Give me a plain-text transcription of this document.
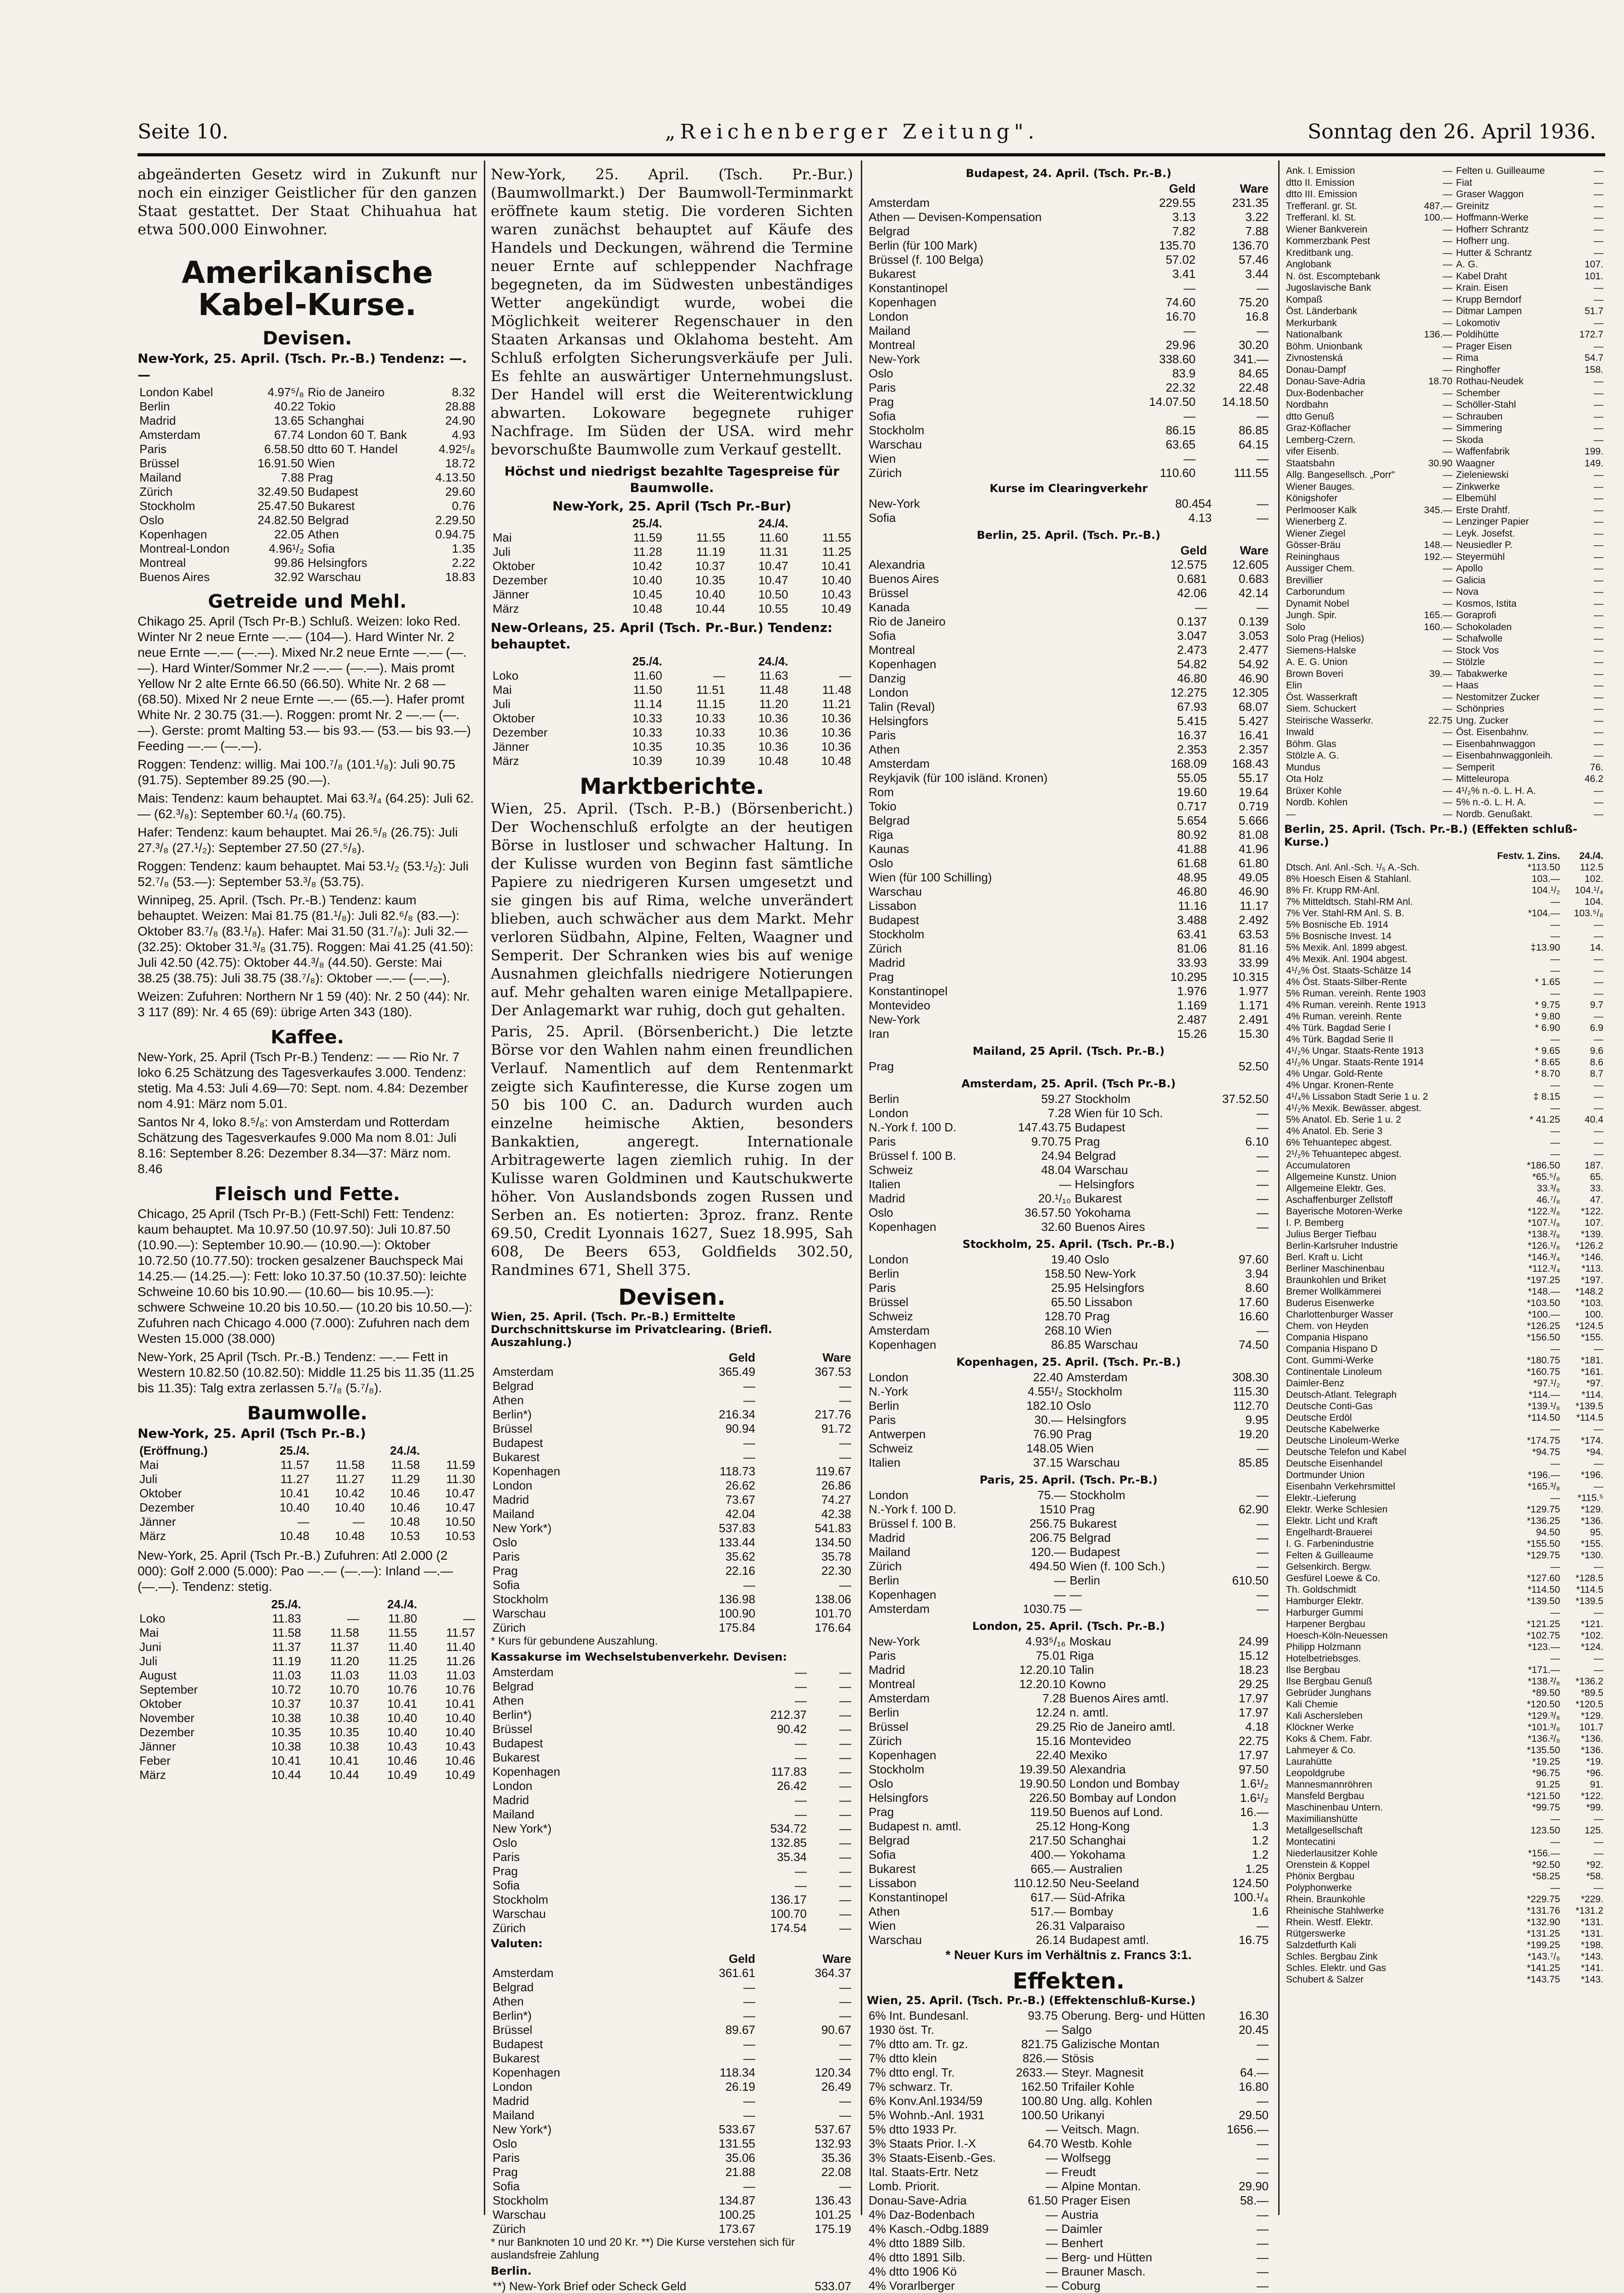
Seite 10.	„Reichenberger Zeitung".	Sonntag den 26. April 1936.
abgeänderten Gesetz wird in Zukunft nur noch ein einziger Geistlicher für den ganzen Staat gestattet. Der Staat Chihuahua hat etwa 500.000 Einwohner.
Amerikanische Kabel-Kurse.
Devisen.
New-York, 25. April. (Tsch. Pr.-B.) Tendenz: —.—
London Kabel	4.97⁵/₈	Rio de Janeiro	8.32
Berlin	40.22	Tokio	28.88
Madrid	13.65	Schanghai	24.90
Amsterdam	67.74	London 60 T. Bank	4.93
Paris	6.58.50	dtto 60 T. Handel	4.92⁵/₈
Brüssel	16.91.50	Wien	18.72
Mailand	7.88	Prag	4.13.50
Zürich	32.49.50	Budapest	29.60
Stockholm	25.47.50	Bukarest	0.76
Oslo	24.82.50	Belgrad	2.29.50
Kopenhagen	22.05	Athen	0.94.75
Montreal-London	4.96¹/₂	Sofia	1.35
Montreal	99.86	Helsingfors	2.22
Buenos Aires	32.92	Warschau	18.83
Getreide und Mehl.
Chikago 25. April (Tsch Pr-B.) Schluß. Weizen: loko Red. Winter Nr 2 neue Ernte —.— (104—). Hard Winter Nr. 2 neue Ernte —.— (—.—). Mixed Nr.2 neue Ernte —.— (—.—). Hard Winter/Sommer Nr.2 —.— (—.—). Mais promt Yellow Nr 2 alte Ernte 66.50 (66.50). White Nr. 2 68 — (68.50). Mixed Nr 2 neue Ernte —.— (65.—). Hafer promt White Nr. 2 30.75 (31.—). Roggen: promt Nr. 2 —.— (—.—). Gerste: promt Malting 53.— bis 93.— (53.— bis 93.—) Feeding —.— (—.—).
Roggen: Tendenz: willig. Mai 100.⁷/₈ (101.¹/₈): Juli 90.75 (91.75). September 89.25 (90.—).
Mais: Tendenz: kaum behauptet. Mai 63.³/₄ (64.25): Juli 62.— (62.³/₈): September 60.¹/₄ (60.75).
Hafer: Tendenz: kaum behauptet. Mai 26.⁵/₈ (26.75): Juli 27.³/₈ (27.¹/₂): September 27.50 (27.⁵/₈).
Roggen: Tendenz: kaum behauptet. Mai 53.¹/₂ (53.¹/₂): Juli 52.⁷/₈ (53.—): September 53.³/₈ (53.75).
Winnipeg, 25. April. (Tsch. Pr.-B.) Tendenz: kaum behauptet. Weizen: Mai 81.75 (81.¹/₈): Juli 82.⁶/₈ (83.—): Oktober 83.⁷/₈ (83.¹/₈). Hafer: Mai 31.50 (31.⁷/₈): Juli 32.— (32.25): Oktober 31.³/₈ (31.75). Roggen: Mai 41.25 (41.50): Juli 42.50 (42.75): Oktober 44.³/₈ (44.50). Gerste: Mai 38.25 (38.75): Juli 38.75 (38.⁷/₈): Oktober —.— (—.—).
Weizen: Zufuhren: Northern Nr 1 59 (40): Nr. 2 50 (44): Nr. 3 117 (89): Nr. 4 65 (69): übrige Arten 343 (180).
Kaffee.
New-York, 25. April (Tsch Pr-B.) Tendenz: — — Rio Nr. 7 loko 6.25 Schätzung des Tagesverkaufes 3.000. Tendenz: stetig. Ma 4.53: Juli 4.69—70: Sept. nom. 4.84: Dezember nom 4.91: März nom 5.01.
Santos Nr 4, loko 8.⁵/₈: von Amsterdam und Rotterdam Schätzung des Tagesverkaufes 9.000 Ma nom 8.01: Juli 8.16: September 8.26: Dezember 8.34—37: März nom. 8.46
Fleisch und Fette.
Chicago, 25 April (Tsch Pr-B.) (Fett-Schl) Fett: Tendenz: kaum behauptet. Ma 10.97.50 (10.97.50): Juli 10.87.50 (10.90.—): September 10.90.— (10.90.—): Oktober 10.72.50 (10.77.50): trocken gesalzener Bauchspeck Mai 14.25.— (14.25.—): Fett: loko 10.37.50 (10.37.50): leichte Schweine 10.60 bis 10.90.— (10.60— bis 10.95.—): schwere Schweine 10.20 bis 10.50.— (10.20 bis 10.50.—): Zufuhren nach Chicago 4.000 (7.000): Zufuhren nach dem Westen 15.000 (38.000)
New-York, 25 April (Tsch. Pr.-B.) Tendenz: —.— Fett in Western 10.82.50 (10.82.50): Middle 11.25 bis 11.35 (11.25 bis 11.35): Talg extra zerlassen 5.⁷/₈ (5.⁷/₈).
Baumwolle.
New-York, 25. April (Tsch Pr.-B.)
(Eröffnung.)	25./4.		24./4.	
Mai	11.57	11.58	11.58	11.59
Juli	11.27	11.27	11.29	11.30
Oktober	10.41	10.42	10.46	10.47
Dezember	10.40	10.40	10.46	10.47
Jänner	—	—	10.48	10.50
März	10.48	10.48	10.53	10.53
New-York, 25. April (Tsch Pr.-B.) Zufuhren: Atl 2.000 (2 000): Golf 2.000 (5.000): Pao —.— (—.—): Inland —.— (—.—). Tendenz: stetig.
	25./4.		24./4.	
Loko	11.83	—	11.80	—
Mai	11.58	11.58	11.55	11.57
Juni	11.37	11.37	11.40	11.40
Juli	11.19	11.20	11.25	11.26
August	11.03	11.03	11.03	11.03
September	10.72	10.70	10.76	10.76
Oktober	10.37	10.37	10.41	10.41
November	10.38	10.38	10.40	10.40
Dezember	10.35	10.35	10.40	10.40
Jänner	10.38	10.38	10.43	10.43
Feber	10.41	10.41	10.46	10.46
März	10.44	10.44	10.49	10.49
New-York, 25. April. (Tsch. Pr.-Bur.) (Baumwollmarkt.) Der Baumwoll-Terminmarkt eröffnete kaum stetig. Die vorderen Sichten waren zunächst behauptet auf Käufe des Handels und Deckungen, während die Termine neuer Ernte auf schleppender Nachfrage begegneten, da im Südwesten unbeständiges Wetter angekündigt wurde, wobei die Möglichkeit weiterer Regenschauer in den Staaten Arkansas und Oklahoma besteht. Am Schluß erfolgten Sicherungsverkäufe per Juli. Es fehlte an auswärtiger Unternehmungslust. Der Handel will erst die Weiterentwicklung abwarten. Lokoware begegnete ruhiger Nachfrage. Im Süden der USA. wird mehr bevorschußte Baumwolle zum Verkauf gestellt.
Höchst und niedrigst bezahlte Tagespreise für Baumwolle.
New-York, 25. April (Tsch Pr.-Bur)
	25./4.		24./4.	
Mai	11.59	11.55	11.60	11.55
Juli	11.28	11.19	11.31	11.25
Oktober	10.42	10.37	10.47	10.41
Dezember	10.40	10.35	10.47	10.40
Jänner	10.45	10.40	10.50	10.43
März	10.48	10.44	10.55	10.49
New-Orleans, 25. April (Tsch. Pr.-Bur.) Tendenz: behauptet.
	25./4.		24./4.	
Loko	11.60	—	11.63	—
Mai	11.50	11.51	11.48	11.48
Juli	11.14	11.15	11.20	11.21
Oktober	10.33	10.33	10.36	10.36
Dezember	10.33	10.33	10.36	10.36
Jänner	10.35	10.35	10.36	10.36
März	10.39	10.39	10.48	10.48
Marktberichte.
Wien, 25. April. (Tsch. P.-B.) (Börsenbericht.) Der Wochenschluß erfolgte an der heutigen Börse in lustloser und schwacher Haltung. In der Kulisse wurden von Beginn fast sämtliche Papiere zu niedrigeren Kursen umgesetzt und sie gingen bis auf Rima, welche unverändert blieben, auch schwächer aus dem Markt. Mehr verloren Südbahn, Alpine, Felten, Waagner und Semperit. Der Schranken wies bis auf wenige Ausnahmen gleichfalls niedrigere Notierungen auf. Mehr gehalten waren einige Metallpapiere. Der Anlagemarkt war ruhig, doch gut gehalten.
Paris, 25. April. (Börsenbericht.) Die letzte Börse vor den Wahlen nahm einen freundlichen Verlauf. Namentlich auf dem Rentenmarkt zeigte sich Kaufinteresse, die Kurse zogen um 50 bis 100 C. an. Dadurch wurden auch einzelne heimische Aktien, besonders Bankaktien, angeregt. Internationale Arbitragewerte lagen ziemlich ruhig. In der Kulisse waren Goldminen und Kautschukwerte höher. Von Auslandsbonds zogen Russen und Serben an. Es notierten: 3proz. franz. Rente 69.50, Credit Lyonnais 1627, Suez 18.995, Sah 608, De Beers 653, Goldfields 302.50, Randmines 671, Shell 375.
Devisen.
Wien, 25. April. (Tsch. Pr.-B.) Ermittelte Durchschnittskurse im Privatclearing. (Briefl. Auszahlung.)
	Geld	Ware
Amsterdam	365.49	367.53
Belgrad	—	—
Athen	—	—
Berlin*)	216.34	217.76
Brüssel	90.94	91.72
Budapest	—	—
Bukarest	—	—
Kopenhagen	118.73	119.67
London	26.62	26.86
Madrid	73.67	74.27
Mailand	42.04	42.38
New York*)	537.83	541.83
Oslo	133.44	134.50
Paris	35.62	35.78
Prag	22.16	22.30
Sofia	—	—
Stockholm	136.98	138.06
Warschau	100.90	101.70
Zürich	175.84	176.64
* Kurs für gebundene Auszahlung.
Kassakurse im Wechselstubenverkehr. Devisen:
Amsterdam	—	—
Belgrad	—	—
Athen	—	—
Berlin*)	212.37	—
Brüssel	90.42	—
Budapest	—	—
Bukarest	—	—
Kopenhagen	117.83	—
London	26.42	—
Madrid	—	—
Mailand	—	—
New York*)	534.72	—
Oslo	132.85	—
Paris	35.34	—
Prag	—	—
Sofia	—	—
Stockholm	136.17	—
Warschau	100.70	—
Zürich	174.54	—
Valuten:
	Geld	Ware
Amsterdam	361.61	364.37
Belgrad	—	—
Athen	—	—
Berlin*)	—	—
Brüssel	89.67	90.67
Budapest	—	—
Bukarest	—	—
Kopenhagen	118.34	120.34
London	26.19	26.49
Madrid	—	—
Mailand	—	—
New York*)	533.67	537.67
Oslo	131.55	132.93
Paris	35.06	35.36
Prag	21.88	22.08
Sofia	—	—
Stockholm	134.87	136.43
Warschau	100.25	101.25
Zürich	173.67	175.19
* nur Banknoten 10 und 20 Kr. **) Die Kurse verstehen sich für auslandsfreie Zahlung
Berlin.
**) New-York Brief oder Scheck Geld	533.07

Budapest, 24. April. (Tsch. Pr.-B.)
	Geld	Ware
Amsterdam	229.55	231.35
Athen — Devisen-Kompensation	3.13	3.22
Belgrad	7.82	7.88
Berlin (für 100 Mark)	135.70	136.70
Brüssel (f. 100 Belga)	57.02	57.46
Bukarest	3.41	3.44
Konstantinopel	—	—
Kopenhagen	74.60	75.20
London	16.70	16.8
Mailand	—	—
Montreal	29.96	30.20
New-York	338.60	341.—
Oslo	83.9	84.65
Paris	22.32	22.48
Prag	14.07.50	14.18.50
Sofia	—	—
Stockholm	86.15	86.85
Warschau	63.65	64.15
Wien	—	—
Zürich	110.60	111.55
Kurse im Clearingverkehr
New-York	80.454	—
Sofia	4.13	—
Berlin, 25. April. (Tsch. Pr.-B.)
	Geld	Ware
Alexandria	12.575	12.605
Buenos Aires	0.681	0.683
Brüssel	42.06	42.14
Kanada	—	—
Rio de Janeiro	0.137	0.139
Sofia	3.047	3.053
Montreal	2.473	2.477
Kopenhagen	54.82	54.92
Danzig	46.80	46.90
London	12.275	12.305
Talin (Reval)	67.93	68.07
Helsingfors	5.415	5.427
Paris	16.37	16.41
Athen	2.353	2.357
Amsterdam	168.09	168.43
Reykjavik (für 100 isländ. Kronen)	55.05	55.17
Rom	19.60	19.64
Tokio	0.717	0.719
Belgrad	5.654	5.666
Riga	80.92	81.08
Kaunas	41.88	41.96
Oslo	61.68	61.80
Wien (für 100 Schilling)	48.95	49.05
Warschau	46.80	46.90
Lissabon	11.16	11.17
Budapest	3.488	2.492
Stockholm	63.41	63.53
Zürich	81.06	81.16
Madrid	33.93	33.99
Prag	10.295	10.315
Konstantinopel	1.976	1.977
Montevideo	1.169	1.171
New-York	2.487	2.491
Iran	15.26	15.30
Mailand, 25 April. (Tsch. Pr.-B.)
Prag	52.50
Amsterdam, 25. April. (Tsch Pr.-B.)
Berlin	59.27	Stockholm	37.52.50
London	7.28	Wien für 10 Sch.	—
N.-York f. 100 D.	147.43.75	Budapest	—
Paris	9.70.75	Prag	6.10
Brüssel f. 100 B.	24.94	Belgrad	—
Schweiz	48.04	Warschau	—
Italien	—	Helsingfors	—
Madrid	20.¹/₁₀	Bukarest	—
Oslo	36.57.50	Yokohama	—
Kopenhagen	32.60	Buenos Aires	—
Stockholm, 25. April. (Tsch. Pr.-B.)
London	19.40	Oslo	97.60
Berlin	158.50	New-York	3.94
Paris	25.95	Helsingfors	8.60
Brüssel	65.50	Lissabon	17.60
Schweiz	128.70	Prag	16.60
Amsterdam	268.10	Wien	—
Kopenhagen	86.85	Warschau	74.50
Kopenhagen, 25. April. (Tsch. Pr.-B.)
London	22.40	Amsterdam	308.30
N.-York	4.55¹/₂	Stockholm	115.30
Berlin	182.10	Oslo	112.70
Paris	30.—	Helsingfors	9.95
Antwerpen	76.90	Prag	19.20
Schweiz	148.05	Wien	—
Italien	37.15	Warschau	85.85
Paris, 25. April. (Tsch. Pr.-B.)
London	75.—	Stockholm	—
N.-York f. 100 D.	1510	Prag	62.90
Brüssel f. 100 B.	256.75	Bukarest	—
Madrid	206.75	Belgrad	—
Mailand	120.—	Budapest	—
Zürich	494.50	Wien (f. 100 Sch.)	—
Berlin	—	Berlin	610.50
Kopenhagen	—	—	—
Amsterdam	1030.75	—	—
London, 25. April. (Tsch. Pr.-B.)
New-York	4.93⁵/₁₆	Moskau	24.99
Paris	75.01	Riga	15.12
Madrid	12.20.10	Talin	18.23
Montreal	12.20.10	Kowno	29.25
Amsterdam	7.28	Buenos Aires amtl.	17.97
Berlin	12.24	n. amtl.	17.97
Brüssel	29.25	Rio de Janeiro amtl.	4.18
Zürich	15.16	Montevideo	22.75
Kopenhagen	22.40	Mexiko	17.97
Stockholm	19.39.50	Alexandria	97.50
Oslo	19.90.50	London und Bombay	1.6¹/₂
Helsingfors	226.50	Bombay auf London	1.6¹/₂
Prag	119.50	Buenos auf Lond.	16.—
Budapest n. amtl.	25.12	Hong-Kong	1.3
Belgrad	217.50	Schanghai	1.2
Sofia	400.—	Yokohama	1.2
Bukarest	665.—	Australien	1.25
Lissabon	110.12.50	Neu-Seeland	124.50
Konstantinopel	617.—	Süd-Afrika	100.¹/₄
Athen	517.—	Bombay	1.6
Wien	26.31	Valparaiso	—
Warschau	26.14	Budapest amtl.	16.75
* Neuer Kurs im Verhältnis z. Francs 3:1.
Effekten.
Wien, 25. April. (Tsch. Pr.-B.) (Effektenschluß-Kurse.)
6% Int. Bundesanl.	93.75	Oberung. Berg- und Hütten	16.30
1930 öst. Tr.	—	Salgo	20.45
7% dtto am. Tr. gz.	821.75	Galizische Montan	—
7% dtto klein	826.—	Stösis	—
7% dtto engl. Tr.	2633.—	Steyr. Magnesit	64.—
7% schwarz. Tr.	162.50	Trifailer Kohle	16.80
6% Konv.Anl.1934/59	100.80	Ung. allg. Kohlen	—
5% Wohnb.-Anl. 1931	100.50	Urikanyi	29.50
5% dtto 1933 Pr.	—	Veitsch. Magn.	1656.—
3% Staats Prior. I.-X	64.70	Westb. Kohle	—
3% Staats-Eisenb.-Ges.	—	Wolfsegg	—
Ital. Staats-Ertr. Netz	—	Freudt	—
Lomb. Priorit.	—	Alpine Montan.	29.90
Donau-Save-Adria	61.50	Prager Eisen	58.—
4% Daz-Bodenbach	—	Austria	—
4% Kasch.-Odbg.1889	—	Daimler	—
4% dtto 1889 Silb.	—	Benhert	—
4% dtto 1891 Silb.	—	Berg- und Hütten	—
4% dtto 1906 Kö	—	Brauner Masch.	—
4% Vorarlberger	—	Coburg	—

Ank. I. Emission	—	Felten u. Guilleaume	—
dtto II. Emission	—	Fiat	—
dtto III. Emission	—	Graser Waggon	—
Trefferanl. gr. St.	487.—	Greinitz	—
Trefferanl. kl. St.	100.—	Hoffmann-Werke	—
Wiener Bankverein	—	Hofherr Schrantz	—
Kommerzbank Pest	—	Hofherr ung.	—
Kreditbank ung.	—	Hutter & Schrantz	—
Anglobank	—	A. G.	107.
N. öst. Escomptebank	—	Kabel Draht	101.
Jugoslavische Bank	—	Krain. Eisen	—
Kompaß	—	Krupp Berndorf	—
Öst. Länderbank	—	Ditmar Lampen	51.7
Merkurbank	—	Lokomotiv	—
Nationalbank	136.—	Poldihütte	172.7
Böhm. Unionbank	—	Prager Eisen	—
Zivnostenská	—	Rima	54.7
Donau-Dampf	—	Ringhoffer	158.
Donau-Save-Adria	18.70	Rothau-Neudek	—
Dux-Bodenbacher	—	Schember	—
Nordbahn	—	Schöller-Stahl	—
dtto Genuß	—	Schrauben	—
Graz-Köflacher	—	Simmering	—
Lemberg-Czern.	—	Skoda	—
vifer Eisenb.	—	Waffenfabrik	199.
Staatsbahn	30.90	Waagner	149.
Allg. Bangesellsch. „Porr"	—	Zieleniewski	—
Wiener Bauges.	—	Zinkwerke	—
Königshofer	—	Elbemühl	—
Perlmooser Kalk	345.—	Erste Drahtf.	—
Wienerberg Z.	—	Lenzinger Papier	—
Wiener Ziegel	—	Leyk. Josefst.	—
Gösser-Bräu	148.—	Neusiedler P.	—
Reininghaus	192.—	Steyermühl	—
Aussiger Chem.	—	Apollo	—
Brevillier	—	Galicia	—
Carborundum	—	Nova	—
Dynamit Nobel	—	Kosmos, Istita	—
Jungh. Spir.	165.—	Goraprofi	—
Solo	160.—	Schokoladen	—
Solo Prag (Helios)	—	Schafwolle	—
Siemens-Halske	—	Stock Vos	—
A. E. G. Union	—	Stölzle	—
Brown Boveri	39.—	Tabakwerke	—
Elin	—	Haas	—
Öst. Wasserkraft	—	Nestomitzer Zucker	—
Siem. Schuckert	—	Schönpries	—
Steirische Wasserkr.	22.75	Ung. Zucker	—
Inwald	—	Öst. Eisenbahnv.	—
Böhm. Glas	—	Eisenbahnwaggon	—
Stölzle A. G.	—	Eisenbahnwaggonleih.	—
Mundus	—	Semperit	76.
Ota Holz	—	Mitteleuropa	46.2
Brüxer Kohle	—	4¹/₂% n.-ö. L. H. A.	—
Nordb. Kohlen	—	5% n.-ö. L. H. A.	—
—	—	Nordb. Genußakt.	—
Berlin, 25. April. (Tsch. Pr.-B.) (Effekten schluß-Kurse.)
	Festv. 1. Zins.	24./4.
Dtsch. Anl. Anl.-Sch. ¹/₅ A.-Sch.	*113.50	112.5
8% Hoesch Eisen & Stahlanl.	103.—	102.
8% Fr. Krupp RM-Anl.	104.¹/₂	104.¹/₄
7% Mitteldtsch. Stahl-RM Anl.	—	104.
7% Ver. Stahl-RM Anl. S. B.	*104.—	103.⁵/₈
5% Bosnische Eb. 1914	—	—
5% Bosnische Invest. 14	—	—
5% Mexik. Anl. 1899 abgest.	‡13.90	14.
4% Mexik. Anl. 1904 abgest.	—	—
4¹/₂% Öst. Staats-Schätze 14	—	—
4% Öst. Staats-Silber-Rente	* 1.65	—
5% Ruman. vereinh. Rente 1903	—	—
4% Ruman. vereinh. Rente 1913	* 9.75	9.7
4% Ruman. vereinh. Rente	* 9.80	—
4% Türk. Bagdad Serie I	* 6.90	6.9
4% Türk. Bagdad Serie II	—	—
4¹/₂% Ungar. Staats-Rente 1913	* 9.65	9.6
4¹/₂% Ungar. Staats-Rente 1914	* 8.65	8.6
4% Ungar. Gold-Rente	* 8.70	8.7
4% Ungar. Kronen-Rente	—	—
4¹/₄% Lissabon Stadt Serie 1 u. 2	‡ 8.15	—
4¹/₂% Mexik. Bewässer. abgest.	—	—
5% Anatol. Eb. Serie 1 u. 2	* 41.25	40.4
4% Anatol. Eb. Serie 3	—	—
6% Tehuantepec abgest.	—	—
2¹/₂% Tehuantepec abgest.	—	—
Accumulatoren	*186.50	187.
Allgemeine Kunstz. Union	*65.⁵/₈	65.
Allgemeine Elektr. Ges.	33.³/₈	33.
Aschaffenburger Zellstoff	46.⁷/₈	47.
Bayerische Motoren-Werke	*122.³/₈	*122.
I. P. Bemberg	*107.¹/₈	107.
Julius Berger Tiefbau	*138.²/₈	*139.
Berlin-Karlsruher Industrie	*126.¹/₈	*126.2
Berl. Kraft u. Licht	*146.³/₄	*146.
Berliner Maschinenbau	*112.³/₄	*113.
Braunkohlen und Briket	*197.25	*197.
Bremer Wollkämmerei	*148.—	*148.2
Buderus Eisenwerke	*103.50	*103.
Charlottenburger Wasser	*100.—	100.
Chem. von Heyden	*126.25	*124.5
Compania Hispano	*156.50	*155.
Compania Hispano D	—	—
Cont. Gummi-Werke	*180.75	*181.
Continentale Linoleum	*160.75	*161.
Daimler-Benz	*97.¹/₂	*97.
Deutsch-Atlant. Telegraph	*114.—	*114.
Deutsche Conti-Gas	*139.¹/₈	*139.5
Deutsche Erdöl	*114.50	*114.5
Deutsche Kabelwerke	—	—
Deutsche Linoleum-Werke	*174.75	*174.
Deutsche Telefon und Kabel	*94.75	*94.
Deutsche Eisenhandel	—	—
Dortmunder Union	*196.—	*196.
Eisenbahn Verkehrsmittel	*165.³/₈	—
Elektr.-Lieferung	—	*115.⁵
Elektr. Werke Schlesien	*129.75	*129.
Elektr. Licht und Kraft	*136.25	*136.
Engelhardt-Brauerei	94.50	95.
I. G. Farbenindustrie	*155.50	*155.
Felten & Guilleaume	*129.75	*130.
Gelsenkirch. Bergw.	—	—
Gesfürel Loewe & Co.	*127.60	*128.5
Th. Goldschmidt	*114.50	*114.5
Hamburger Elektr.	*139.50	*139.5
Harburger Gummi	—	—
Harpener Bergbau	*121.25	*121.
Hoesch-Köln-Neuessen	*102.75	*102.
Philipp Holzmann	*123.—	*124.
Hotelbetriebsges.	—	—
Ilse Bergbau	*171.—	—
Ilse Bergbau Genuß	*138.²/₈	*136.2
Gebrüder Junghans	*89.50	*89.5
Kali Chemie	*120.50	*120.5
Kali Aschersleben	*129.³/₈	*129.
Klöckner Werke	*101.³/₈	101.7
Koks & Chem. Fabr.	*136.²/₈	*136.
Lahmeyer & Co.	*135.50	*136.
Laurahütte	*19.25	*19.
Leopoldgrube	*96.75	*96.
Mannesmannröhren	91.25	91.
Mansfeld Bergbau	*121.50	*122.
Maschinenbau Untern.	*99.75	*99.
Maximilianshütte	—	—
Metallgesellschaft	123.50	125.
Montecatini	—	—
Niederlausitzer Kohle	*156.—	—
Orenstein & Koppel	*92.50	*92.
Phönix Bergbau	*58.25	*58.
Polyphonwerke	—	—
Rhein. Braunkohle	*229.75	*229.
Rheinische Stahlwerke	*131.76	*131.2
Rhein. Westf. Elektr.	*132.90	*131.
Rütgerswerke	*131.25	*131.
Salzdetfurth Kali	*199.25	*198.
Schles. Bergbau Zink	*143.⁷/₈	*143.
Schles. Elektr. und Gas	*141.25	*141.
Schubert & Salzer	*143.75	*143.
